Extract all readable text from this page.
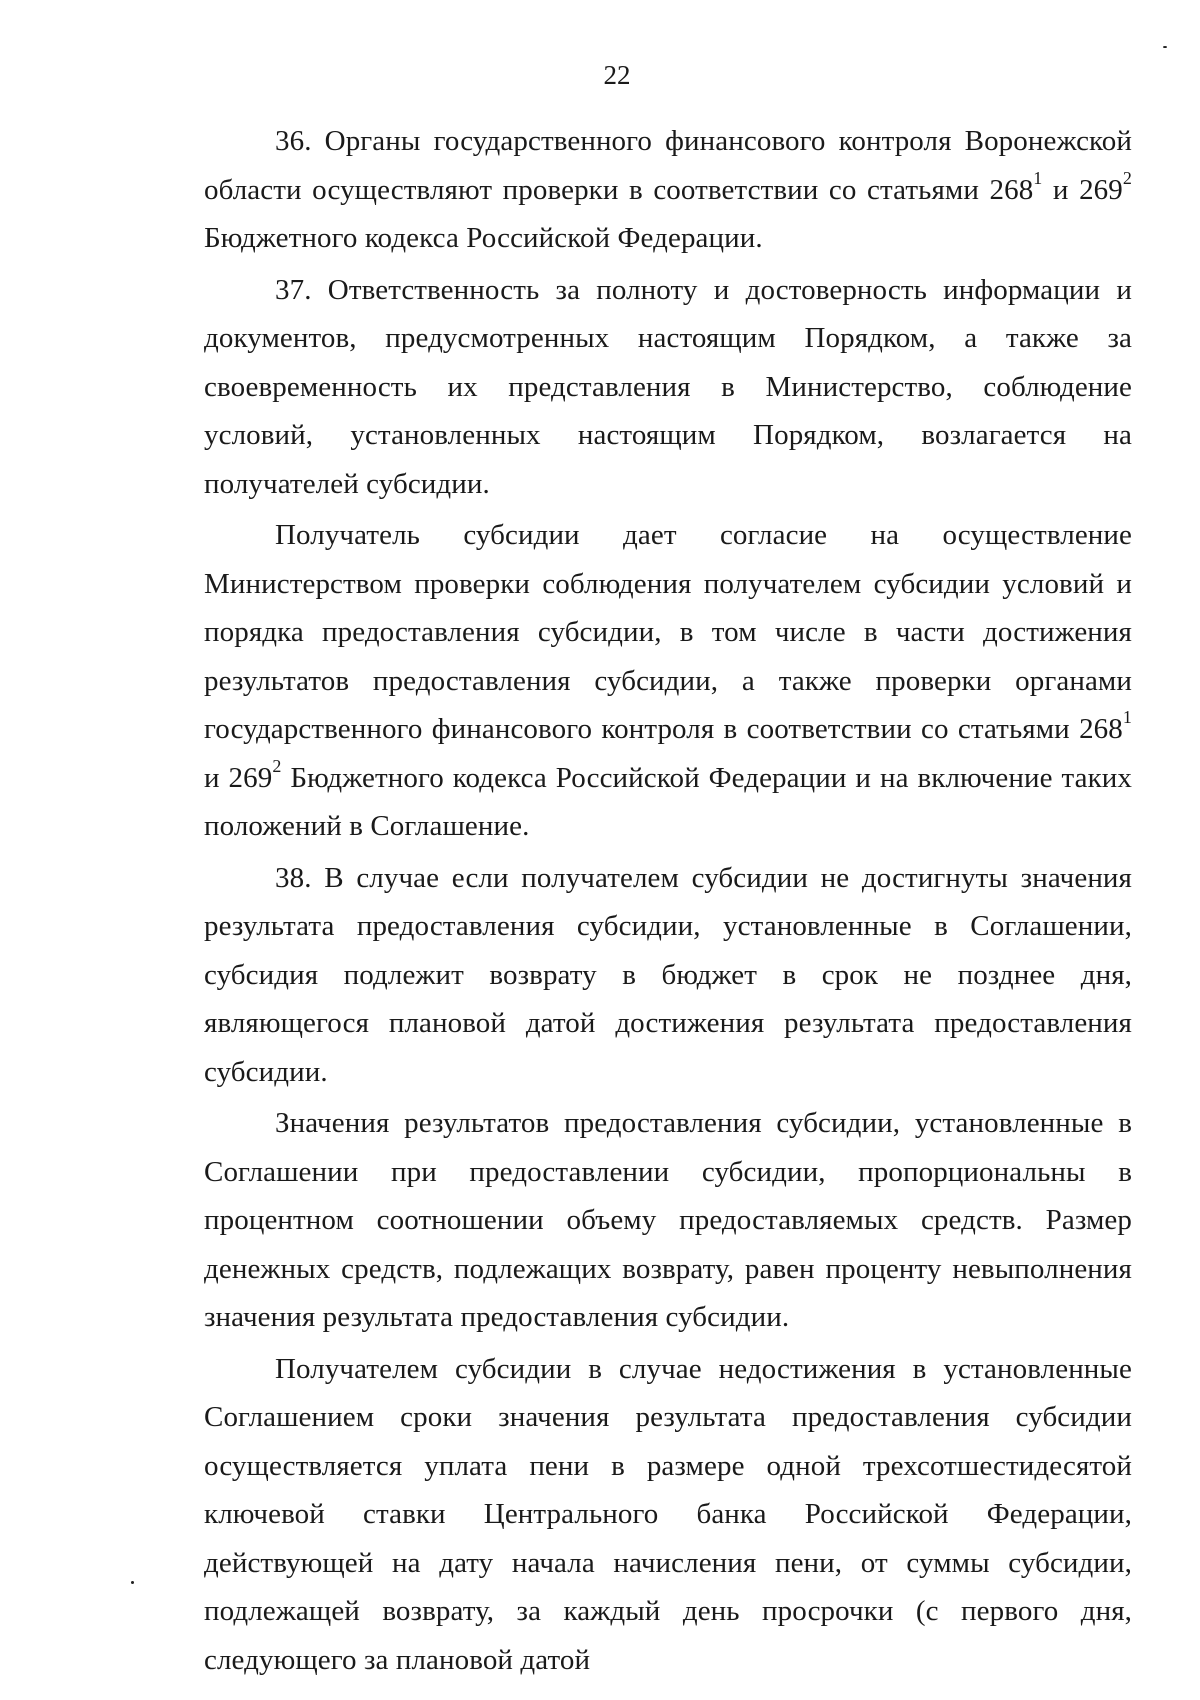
22

36. Органы государственного финансового контроля Воронежской области осуществляют проверки в соответствии со статьями $268^1$ и $269^2$ Бюджетного кодекса Российской Федерации.

37. Ответственность за полноту и достоверность информации и документов, предусмотренных настоящим Порядком, а также за своевременность их представления в Министерство, соблюдение условий, установленных настоящим Порядком, возлагается на получателей субсидии.

Получатель субсидии дает согласие на осуществление Министерством проверки соблюдения получателем субсидии условий и порядка предоставления субсидии, в том числе в части достижения результатов предоставления субсидии, а также проверки органами государственного финансового контроля в соответствии со статьями $268^1$ и $269^2$ Бюджетного кодекса Российской Федерации и на включение таких положений в Соглашение.

38. В случае если получателем субсидии не достигнуты значения результата предоставления субсидии, установленные в Соглашении, субсидия подлежит возврату в бюджет в срок не позднее дня, являющегося плановой датой достижения результата предоставления субсидии.

Значения результатов предоставления субсидии, установленные в Соглашении при предоставлении субсидии, пропорциональны в процентном соотношении объему предоставляемых средств. Размер денежных средств, подлежащих возврату, равен проценту невыполнения значения результата предоставления субсидии.

Получателем субсидии в случае недостижения в установленные Соглашением сроки значения результата предоставления субсидии осуществляется уплата пени в размере одной трехсотшестидесятой ключевой ставки Центрального банка Российской Федерации, действующей на дату начала начисления пени, от суммы субсидии, подлежащей возврату, за каждый день просрочки (с первого дня, следующего за плановой датой
